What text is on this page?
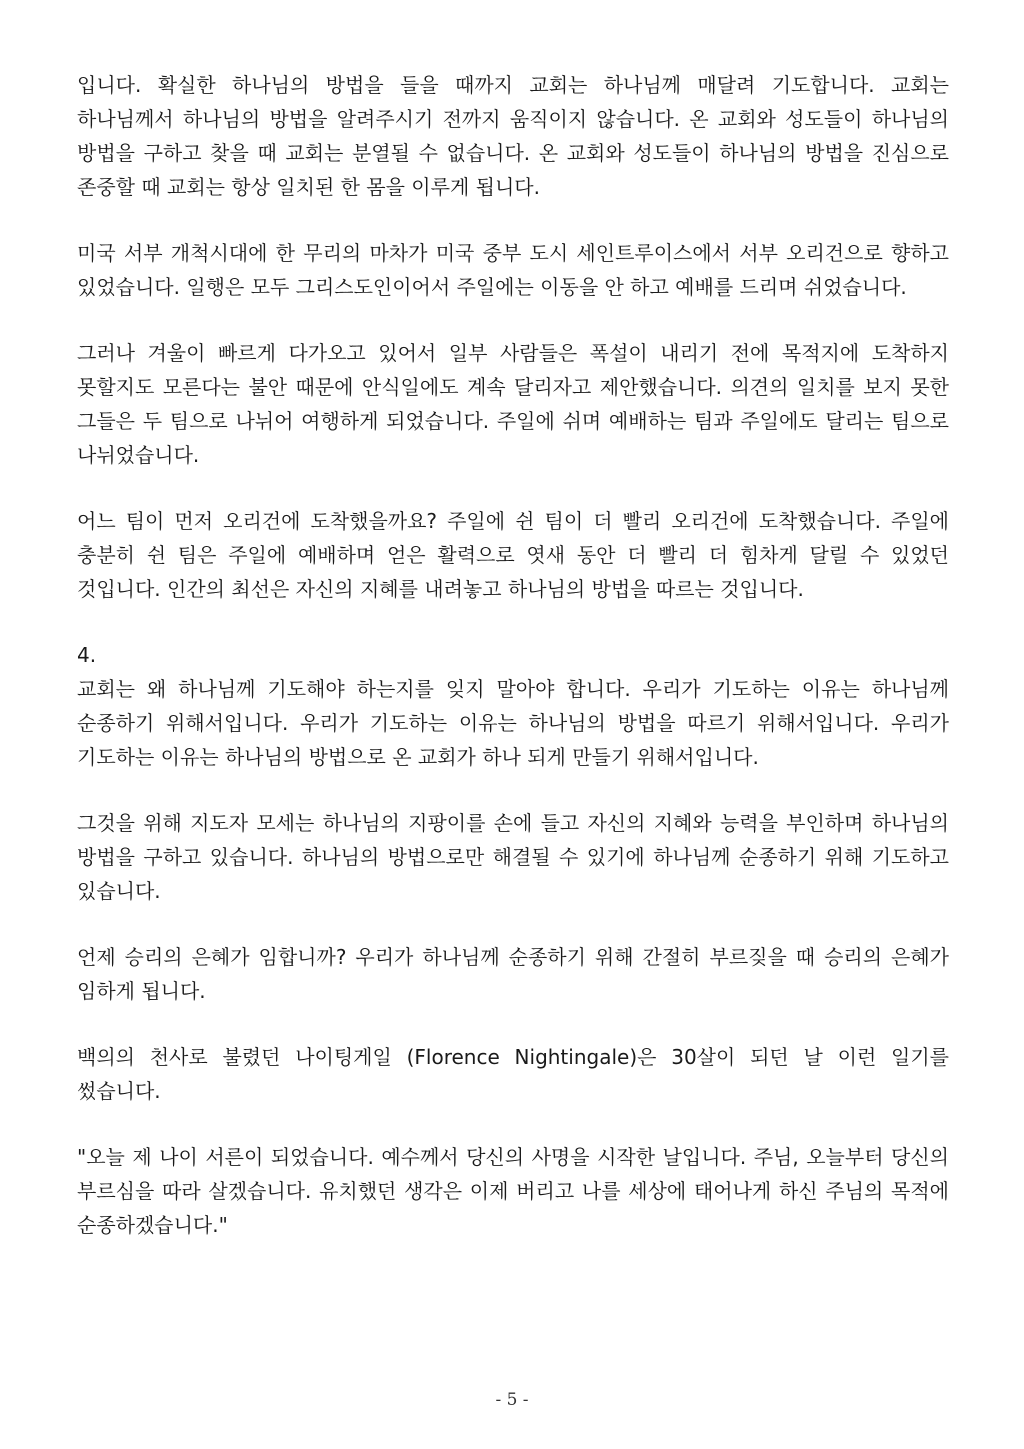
입니다. 확실한 하나님의 방법을 들을 때까지 교회는 하나님께 매달려 기도합니다. 교회는 하나님께서 하나님의 방법을 알려주시기 전까지 움직이지 않습니다. 온 교회와 성도들이 하나님의 방법을 구하고 찾을 때 교회는 분열될 수 없습니다. 온 교회와 성도들이 하나님의 방법을 진심으로 존중할 때 교회는 항상 일치된 한 몸을 이루게 됩니다.

미국 서부 개척시대에 한 무리의 마차가 미국 중부 도시 세인트루이스에서 서부 오리건으로 향하고 있었습니다. 일행은 모두 그리스도인이어서 주일에는 이동을 안 하고 예배를 드리며 쉬었습니다.

그러나 겨울이 빠르게 다가오고 있어서 일부 사람들은 폭설이 내리기 전에 목적지에 도착하지 못할지도 모른다는 불안 때문에 안식일에도 계속 달리자고 제안했습니다. 의견의 일치를 보지 못한 그들은 두 팀으로 나뉘어 여행하게 되었습니다. 주일에 쉬며 예배하는 팀과 주일에도 달리는 팀으로 나뉘었습니다.

어느 팀이 먼저 오리건에 도착했을까요? 주일에 쉰 팀이 더 빨리 오리건에 도착했습니다. 주일에 충분히 쉰 팀은 주일에 예배하며 얻은 활력으로 엿새 동안 더 빨리 더 힘차게 달릴 수 있었던 것입니다. 인간의 최선은 자신의 지혜를 내려놓고 하나님의 방법을 따르는 것입니다.

4.

교회는 왜 하나님께 기도해야 하는지를 잊지 말아야 합니다. 우리가 기도하는 이유는 하나님께 순종하기 위해서입니다. 우리가 기도하는 이유는 하나님의 방법을 따르기 위해서입니다. 우리가 기도하는 이유는 하나님의 방법으로 온 교회가 하나 되게 만들기 위해서입니다.

그것을 위해 지도자 모세는 하나님의 지팡이를 손에 들고 자신의 지혜와 능력을 부인하며 하나님의 방법을 구하고 있습니다. 하나님의 방법으로만 해결될 수 있기에 하나님께 순종하기 위해 기도하고 있습니다.

언제 승리의 은혜가 임합니까? 우리가 하나님께 순종하기 위해 간절히 부르짖을 때 승리의 은혜가 임하게 됩니다.

백의의 천사로 불렸던 나이팅게일 (Florence Nightingale)은 30살이 되던 날 이런 일기를 썼습니다.

"오늘 제 나이 서른이 되었습니다. 예수께서 당신의 사명을 시작한 날입니다. 주님, 오늘부터 당신의 부르심을 따라 살겠습니다. 유치했던 생각은 이제 버리고 나를 세상에 태어나게 하신 주님의 목적에 순종하겠습니다."

- 5 -
